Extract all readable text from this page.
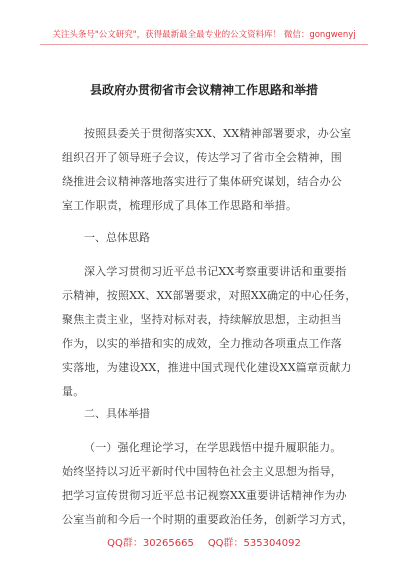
关注头条号"公文研究"，获得最新最全最专业的公文资料库！ 微信：gongwenyj
县政府办贯彻省市会议精神工作思路和举措
按照县委关于贯彻落实XX、XX精神部署要求，办公室
组织召开了领导班子会议，传达学习了省市全会精神，围
绕推进会议精神落地落实进行了集体研究谋划，结合办公
室工作职责，梳理形成了具体工作思路和举措。
一、总体思路
深入学习贯彻习近平总书记XX考察重要讲话和重要指
示精神，按照XX、XX部署要求，对照XX确定的中心任务，
聚焦主责主业，坚持对标对表，持续解放思想，主动担当
作为，以实的举措和实的成效，全力推动各项重点工作落
实落地，为建设XX，推进中国式现代化建设XX篇章贡献力
量。
二、具体举措
（一）强化理论学习，在学思践悟中提升履职能力。
始终坚持以习近平新时代中国特色社会主义思想为指导，
把学习宣传贯彻习近平总书记视察XX重要讲话精神作为办
公室当前和今后一个时期的重要政治任务，创新学习方式，
QQ群：30265665 QQ群：535304092
